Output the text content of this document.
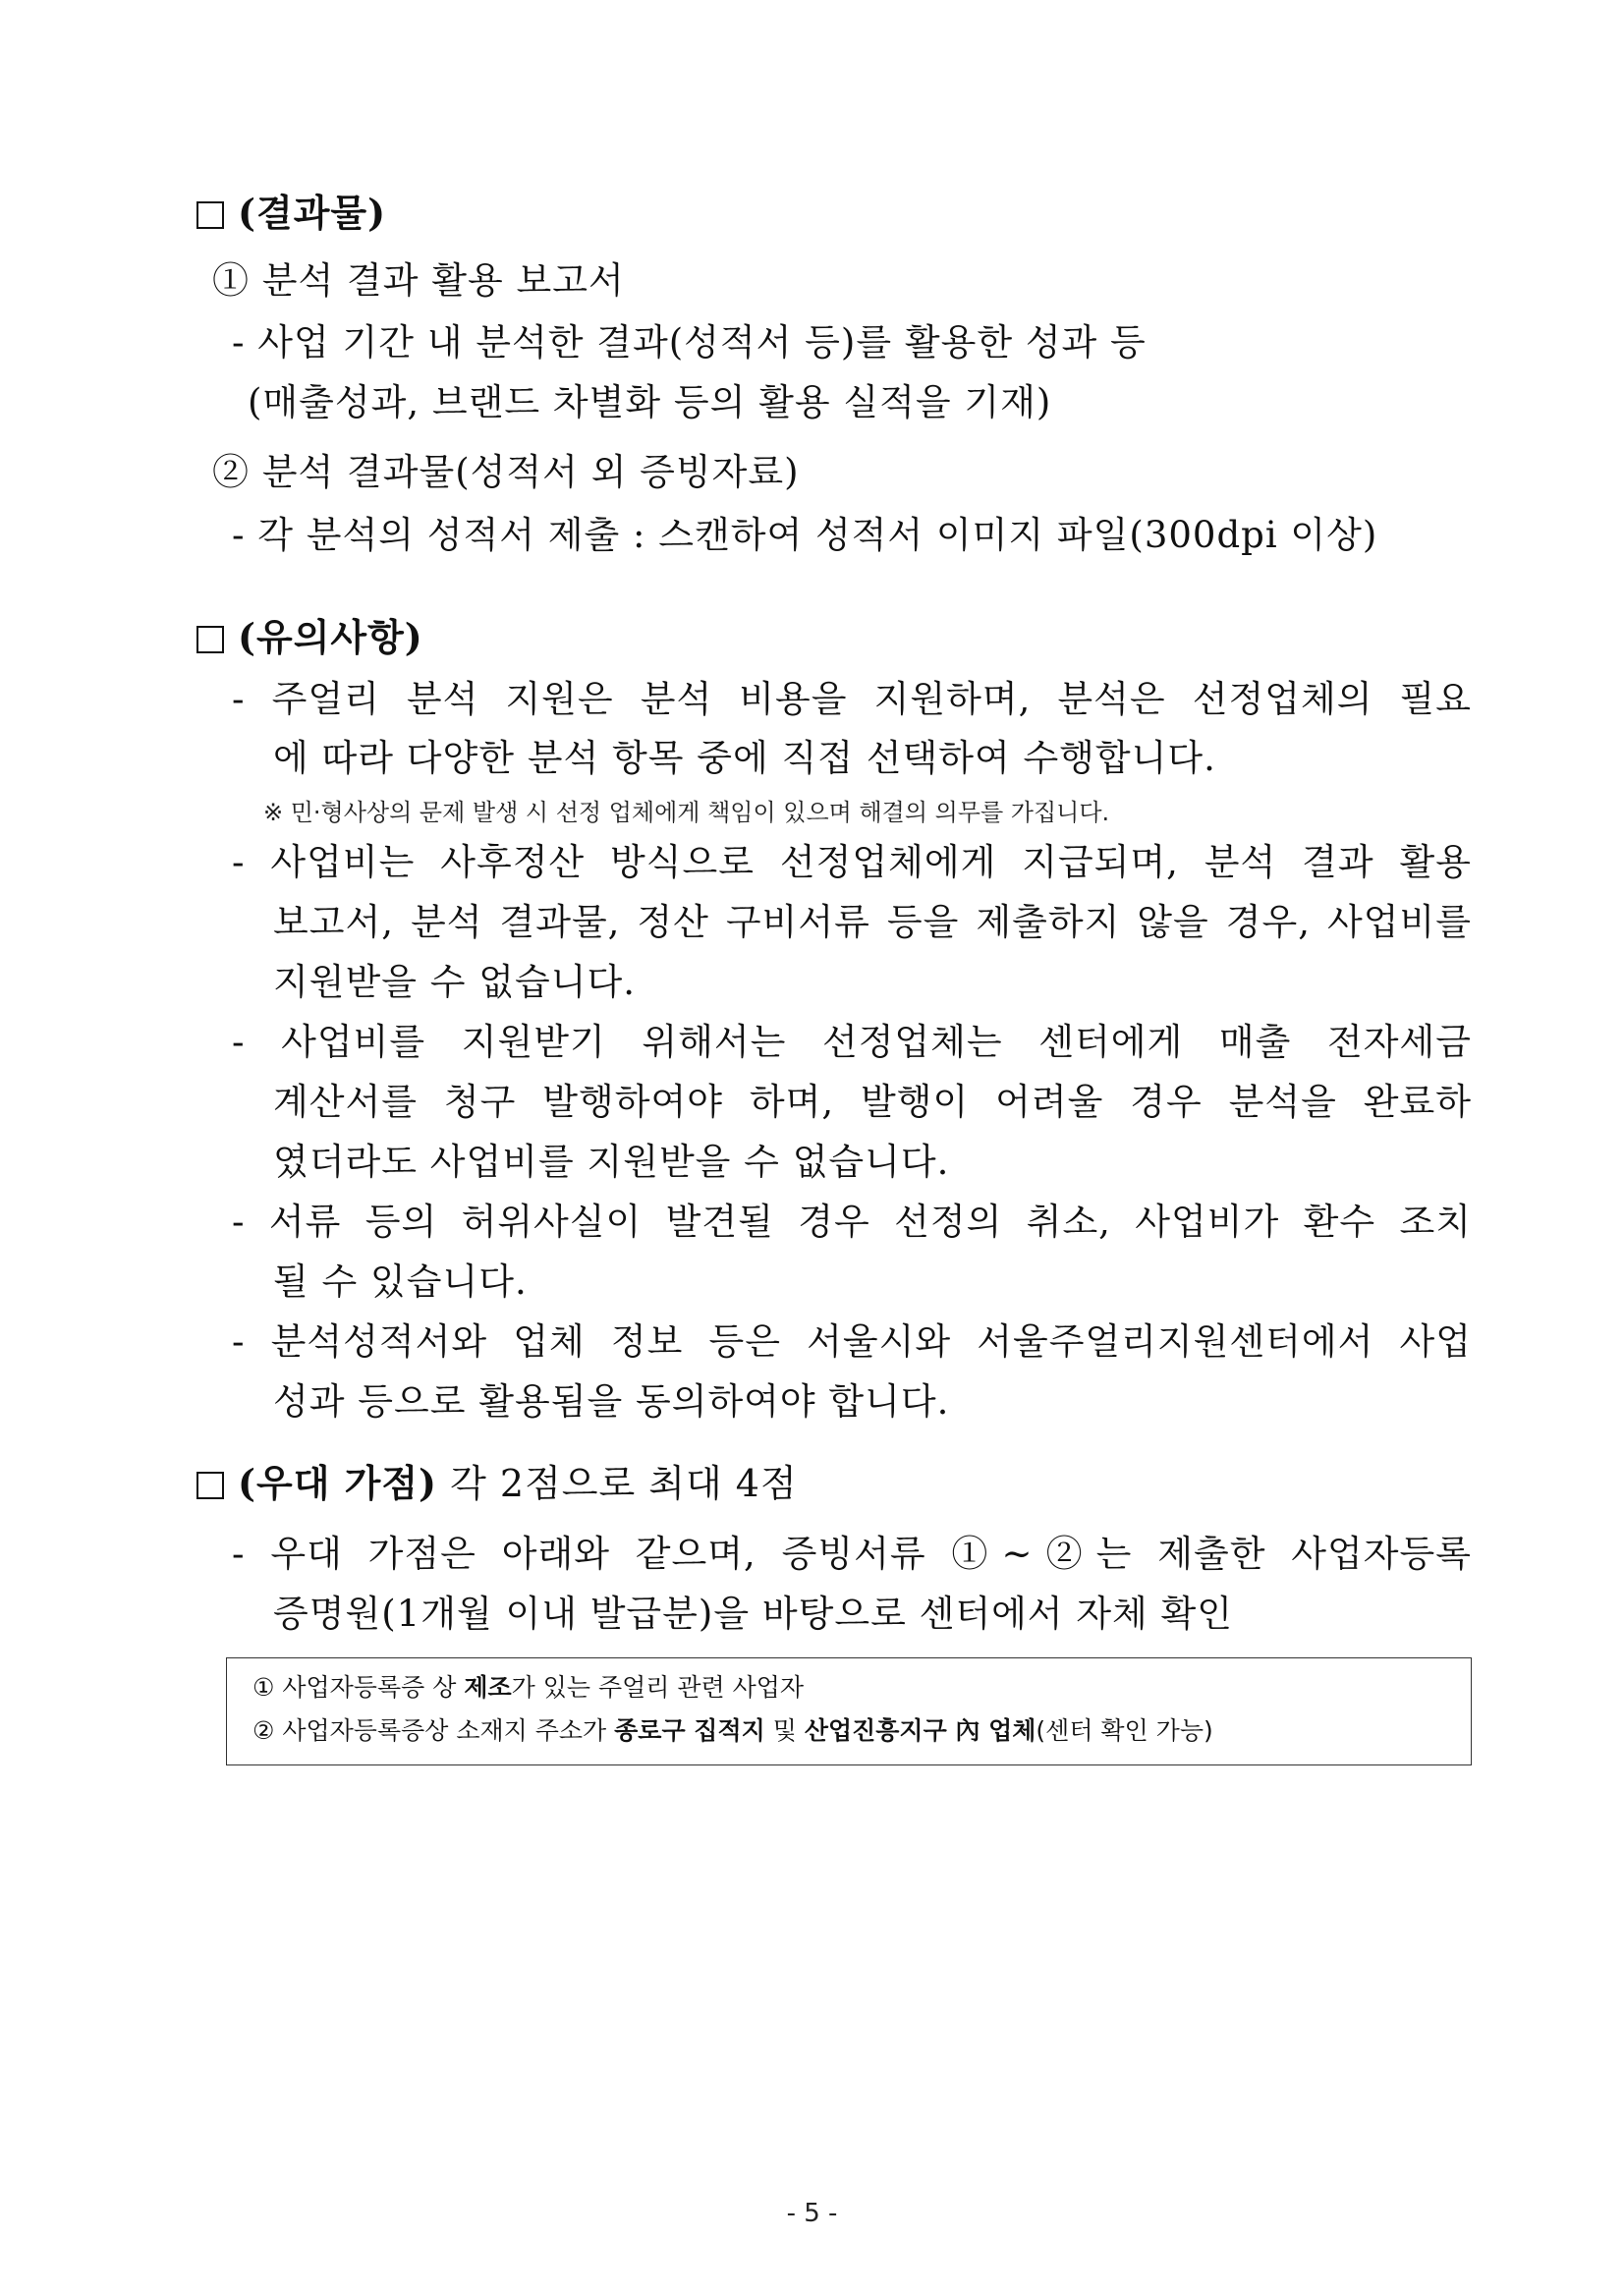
(결과물)
① 분석 결과 활용 보고서
- 사업 기간 내 분석한 결과(성적서 등)를 활용한 성과 등
(매출성과, 브랜드 차별화 등의 활용 실적을 기재)
② 분석 결과물(성적서 외 증빙자료)
- 각 분석의 성적서 제출 : 스캔하여 성적서 이미지 파일(300dpi 이상)
(유의사항)
- 주얼리 분석 지원은 분석 비용을 지원하며, 분석은 선정업체의 필요
에 따라 다양한 분석 항목 중에 직접 선택하여 수행합니다.
※ 민·형사상의 문제 발생 시 선정 업체에게 책임이 있으며 해결의 의무를 가집니다.
- 사업비는 사후정산 방식으로 선정업체에게 지급되며, 분석 결과 활용
보고서, 분석 결과물, 정산 구비서류 등을 제출하지 않을 경우, 사업비를
지원받을 수 없습니다.
- 사업비를 지원받기 위해서는 선정업체는 센터에게 매출 전자세금
계산서를 청구 발행하여야 하며, 발행이 어려울 경우 분석을 완료하
였더라도 사업비를 지원받을 수 없습니다.
- 서류 등의 허위사실이 발견될 경우 선정의 취소, 사업비가 환수 조치
될 수 있습니다.
- 분석성적서와 업체 정보 등은 서울시와 서울주얼리지원센터에서 사업
성과 등으로 활용됨을 동의하여야 합니다.
(우대 가점) 각 2점으로 최대 4점
- 우대 가점은 아래와 같으며, 증빙서류 ①~②는 제출한 사업자등록
증명원(1개월 이내 발급분)을 바탕으로 센터에서 자체 확인
① 사업자등록증 상 제조가 있는 주얼리 관련 사업자
② 사업자등록증상 소재지 주소가 종로구 집적지 및 산업진흥지구 內 업체(센터 확인 가능)
- 5 -
